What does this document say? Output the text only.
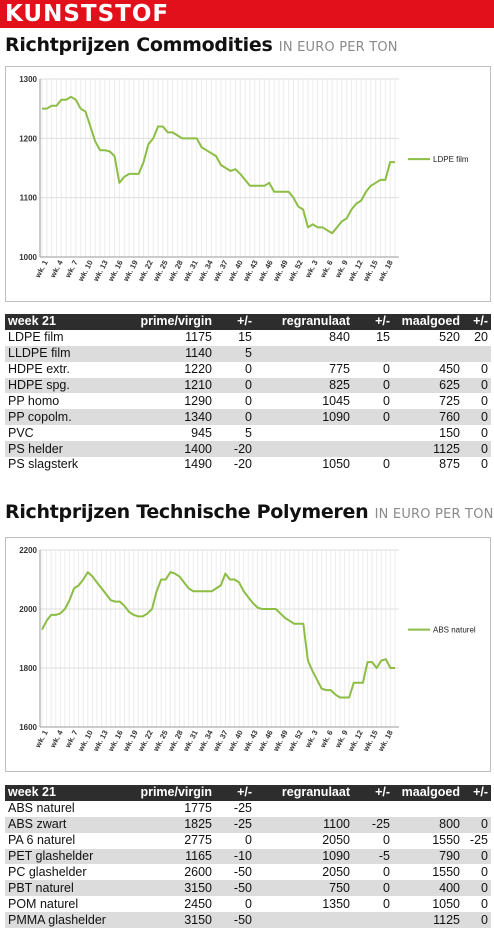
KUNSTSTOF
Richtprijzen Commodities IN EURO PER TON
1000
1100
1200
1300
wk. 1
wk. 4
wk. 7
wk. 10
wk. 13
wk. 16
wk. 19
wk. 22
wk. 25
wk. 28
wk. 31
wk. 34
wk. 37
wk. 40
wk. 43
wk. 46
wk. 49
wk. 52
wk. 3
wk. 6
wk. 9
wk. 12
wk. 15
wk. 18
LDPE film
week 21	prime/virgin	+/-	regranulaat	+/-	maalgoed	+/-
LDPE film	1175	15	840	15	520	20
LLDPE film	1140	5				
HDPE extr.	1220	0	775	0	450	0
HDPE spg.	1210	0	825	0	625	0
PP homo	1290	0	1045	0	725	0
PP copolm.	1340	0	1090	0	760	0
PVC	945	5			150	0
PS helder	1400	-20			1125	0
PS slagsterk	1490	-20	1050	0	875	0
Richtprijzen Technische Polymeren IN EURO PER TON
1600
1800
2000
2200
wk. 1
wk. 4
wk. 7
wk. 10
wk. 13
wk. 16
wk. 19
wk. 22
wk. 25
wk. 28
wk. 31
wk. 34
wk. 37
wk. 40
wk. 43
wk. 46
wk. 49
wk. 52
wk. 3
wk. 6
wk. 9
wk. 12
wk. 15
wk. 18
ABS naturel
week 21	prime/virgin	+/-	regranulaat	+/-	maalgoed	+/-
ABS naturel	1775	-25				
ABS zwart	1825	-25	1100	-25	800	0
PA 6 naturel	2775	0	2050	0	1550	-25
PET glashelder	1165	-10	1090	-5	790	0
PC glashelder	2600	-50	2050	0	1550	0
PBT naturel	3150	-50	750	0	400	0
POM naturel	2450	0	1350	0	1050	0
PMMA glashelder	3150	-50			1125	0
